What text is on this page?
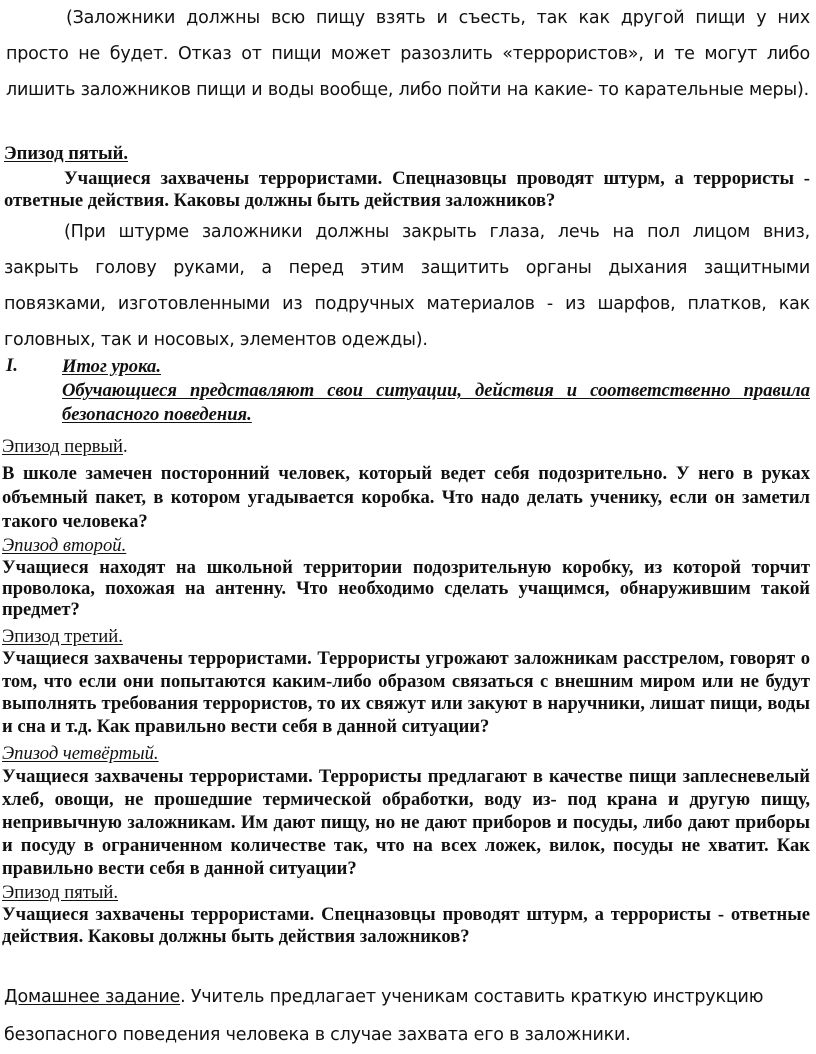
(Заложники должны всю пищу взять и съесть, так как другой пищи у них просто не будет. Отказ от пищи может разозлить «террористов», и те могут либо лишить заложников пищи и воды вообще, либо пойти на какие- то карательные меры).

Эпизод пятый.

Учащиеся захвачены террористами. Спецназовцы проводят штурм, а террористы - ответные действия. Каковы должны быть действия заложников?

(При штурме заложники должны закрыть глаза, лечь на пол лицом вниз, закрыть голову руками, а перед этим защитить органы дыхания защитными повязками, изготовленными из подручных материалов - из шарфов, платков, как головных, так и носовых, элементов одежды).

I. Итог урока.
Обучающиеся представляют свои ситуации, действия и соответственно правила безопасного поведения.
Эпизод первый.
В школе замечен посторонний человек, который ведет себя подозрительно. У него в руках объемный пакет, в котором угадывается коробка. Что надо делать ученику, если он заметил такого человека?
Эпизод второй.
Учащиеся находят на школьной территории подозрительную коробку, из которой торчит проволока, похожая на антенну. Что необходимо сделать учащимся, обнаружившим такой предмет?
Эпизод третий.
Учащиеся захвачены террористами. Террористы угрожают заложникам расстрелом, говорят о том, что если они попытаются каким-либо образом связаться с внешним миром или не будут выполнять требования террористов, то их свяжут или закуют в наручники, лишат пищи, воды и сна и т.д. Как правильно вести себя в данной ситуации?
Эпизод четвёртый.
Учащиеся захвачены террористами. Террористы предлагают в качестве пищи заплесневелый хлеб, овощи, не прошедшие термической обработки, воду из- под крана и другую пищу, непривычную заложникам. Им дают пищу, но не дают приборов и посуды, либо дают приборы и посуду в ограниченном количестве так, что на всех ложек, вилок, посуды не хватит. Как правильно вести себя в данной ситуации?
Эпизод пятый.
Учащиеся захвачены террористами. Спецназовцы проводят штурм, а террористы - ответные действия. Каковы должны быть действия заложников?

Домашнее задание. Учитель предлагает ученикам составить краткую инструкцию безопасного поведения человека в случае захвата его в заложники.
